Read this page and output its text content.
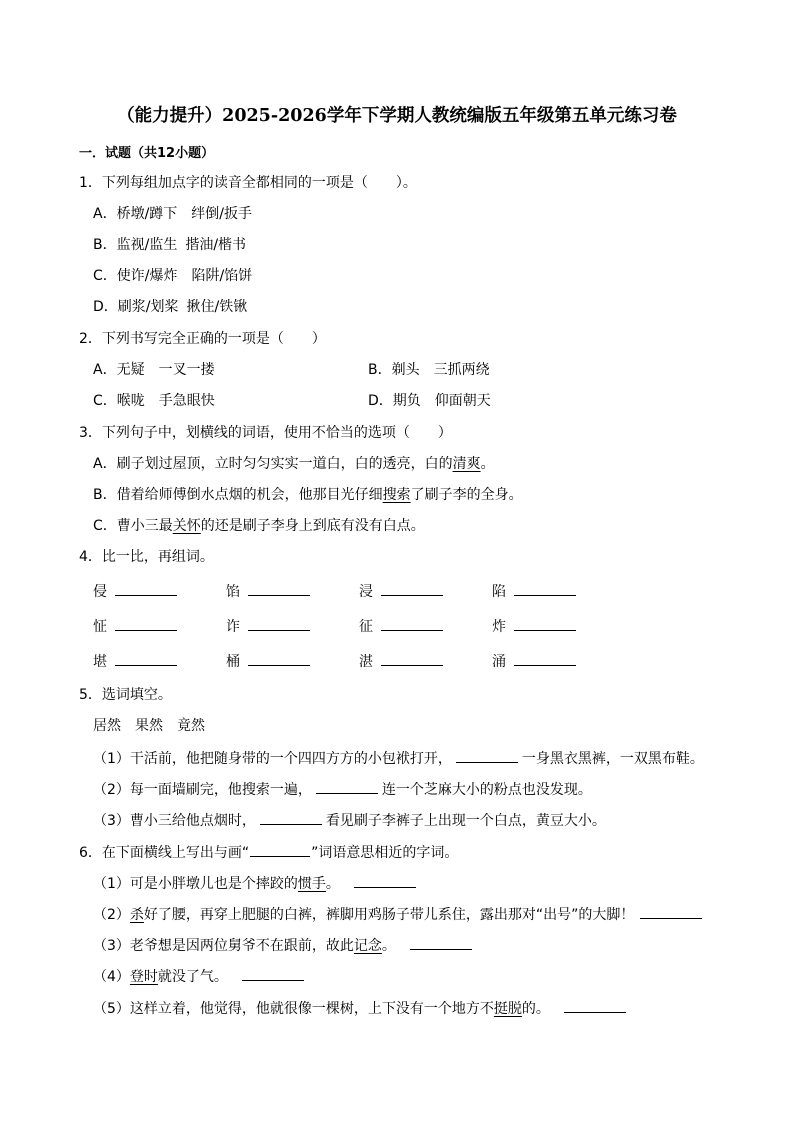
（能力提升）2025-2026学年下学期人教统编版五年级第五单元练习卷
一．试题（共12小题）
1．下列每组加点字的读音全都相同的一项是（　　）。
A．桥墩/蹲下 绊倒/扳手
B．监视/监生 揩油/楷书
C．使诈/爆炸 陷阱/馅饼
D．刷浆/划桨 揪住/铁锹
2．下列书写完全正确的一项是（　　）
A．无疑 一叉一搂	B．剃头 三抓两绕
C．喉咙 手急眼快	D．期负 仰面朝天
3．下列句子中，划横线的词语，使用不恰当的选项（　　）
A．刷子划过屋顶，立时匀匀实实一道白，白的透亮，白的清爽。
B．借着给师傅倒水点烟的机会，他那目光仔细搜索了刷子李的全身。
C．曹小三最关怀的还是刷子李身上到底有没有白点。
4．比一比，再组词。
侵	馅	浸	陷
怔	诈	征	炸
堪	桶	湛	涌
5．选词填空。
居然　果然　竟然
（1）干活前，他把随身带的一个四四方方的小包袱打开，	一身黑衣黑裤，一双黑布鞋。
（2）每一面墙刷完，他搜索一遍，	连一个芝麻大小的粉点也没发现。
（3）曹小三给他点烟时，	看见刷子李裤子上出现一个白点，黄豆大小。
6．在下面横线上写出与画“	”词语意思相近的字词。
（1）可是小胖墩儿也是个摔跤的惯手。
（2）杀好了腰，再穿上肥腿的白裤，裤脚用鸡肠子带儿系住，露出那对“出号”的大脚！
（3）老爷想是因两位舅爷不在跟前，故此记念。
（4）登时就没了气。
（5）这样立着，他觉得，他就很像一棵树，上下没有一个地方不挺脱的。
